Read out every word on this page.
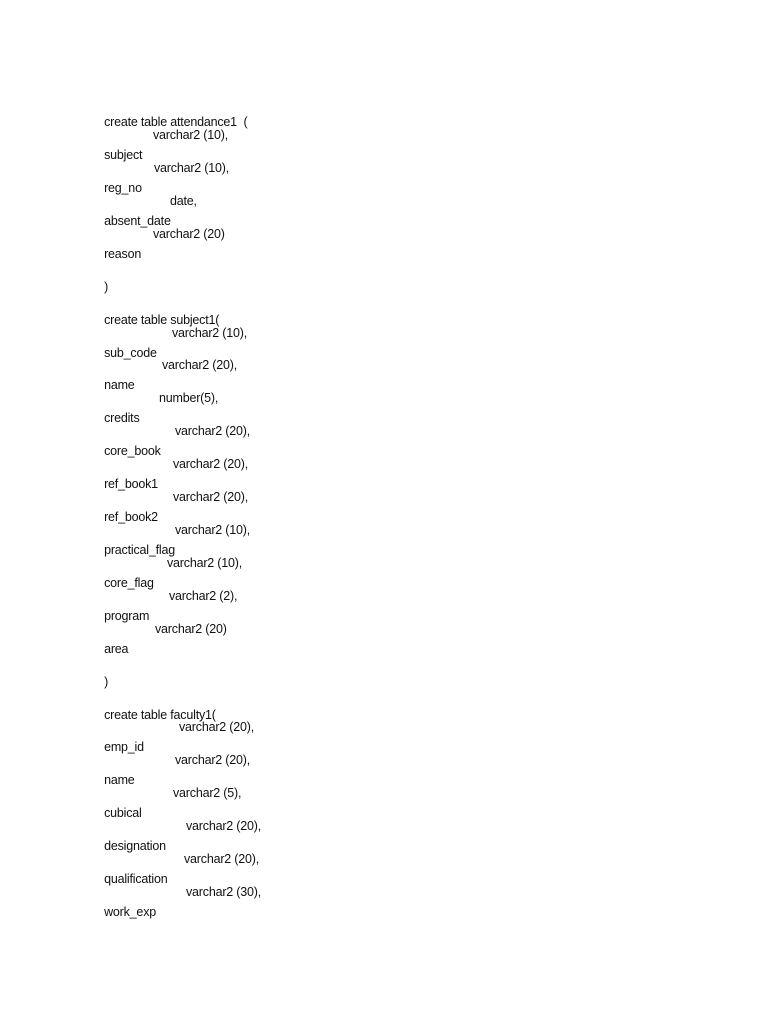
create table attendance1  (

subject

varchar2 (10),

reg_no

varchar2 (10),

absent_date

date,

reason

varchar2 (20)

)

create table subject1(

sub_code

varchar2 (10),

name

varchar2 (20),

credits

number(5),

core_book

varchar2 (20),

ref_book1

varchar2 (20),

ref_book2

varchar2 (20),

practical_flag

varchar2 (10),

core_flag

varchar2 (10),

program

varchar2 (2),

area

varchar2 (20)

)

create table faculty1(

emp_id

varchar2 (20),

name

varchar2 (20),

cubical

varchar2 (5),

designation

varchar2 (20),

qualification

varchar2 (20),

work_exp

varchar2 (30),
